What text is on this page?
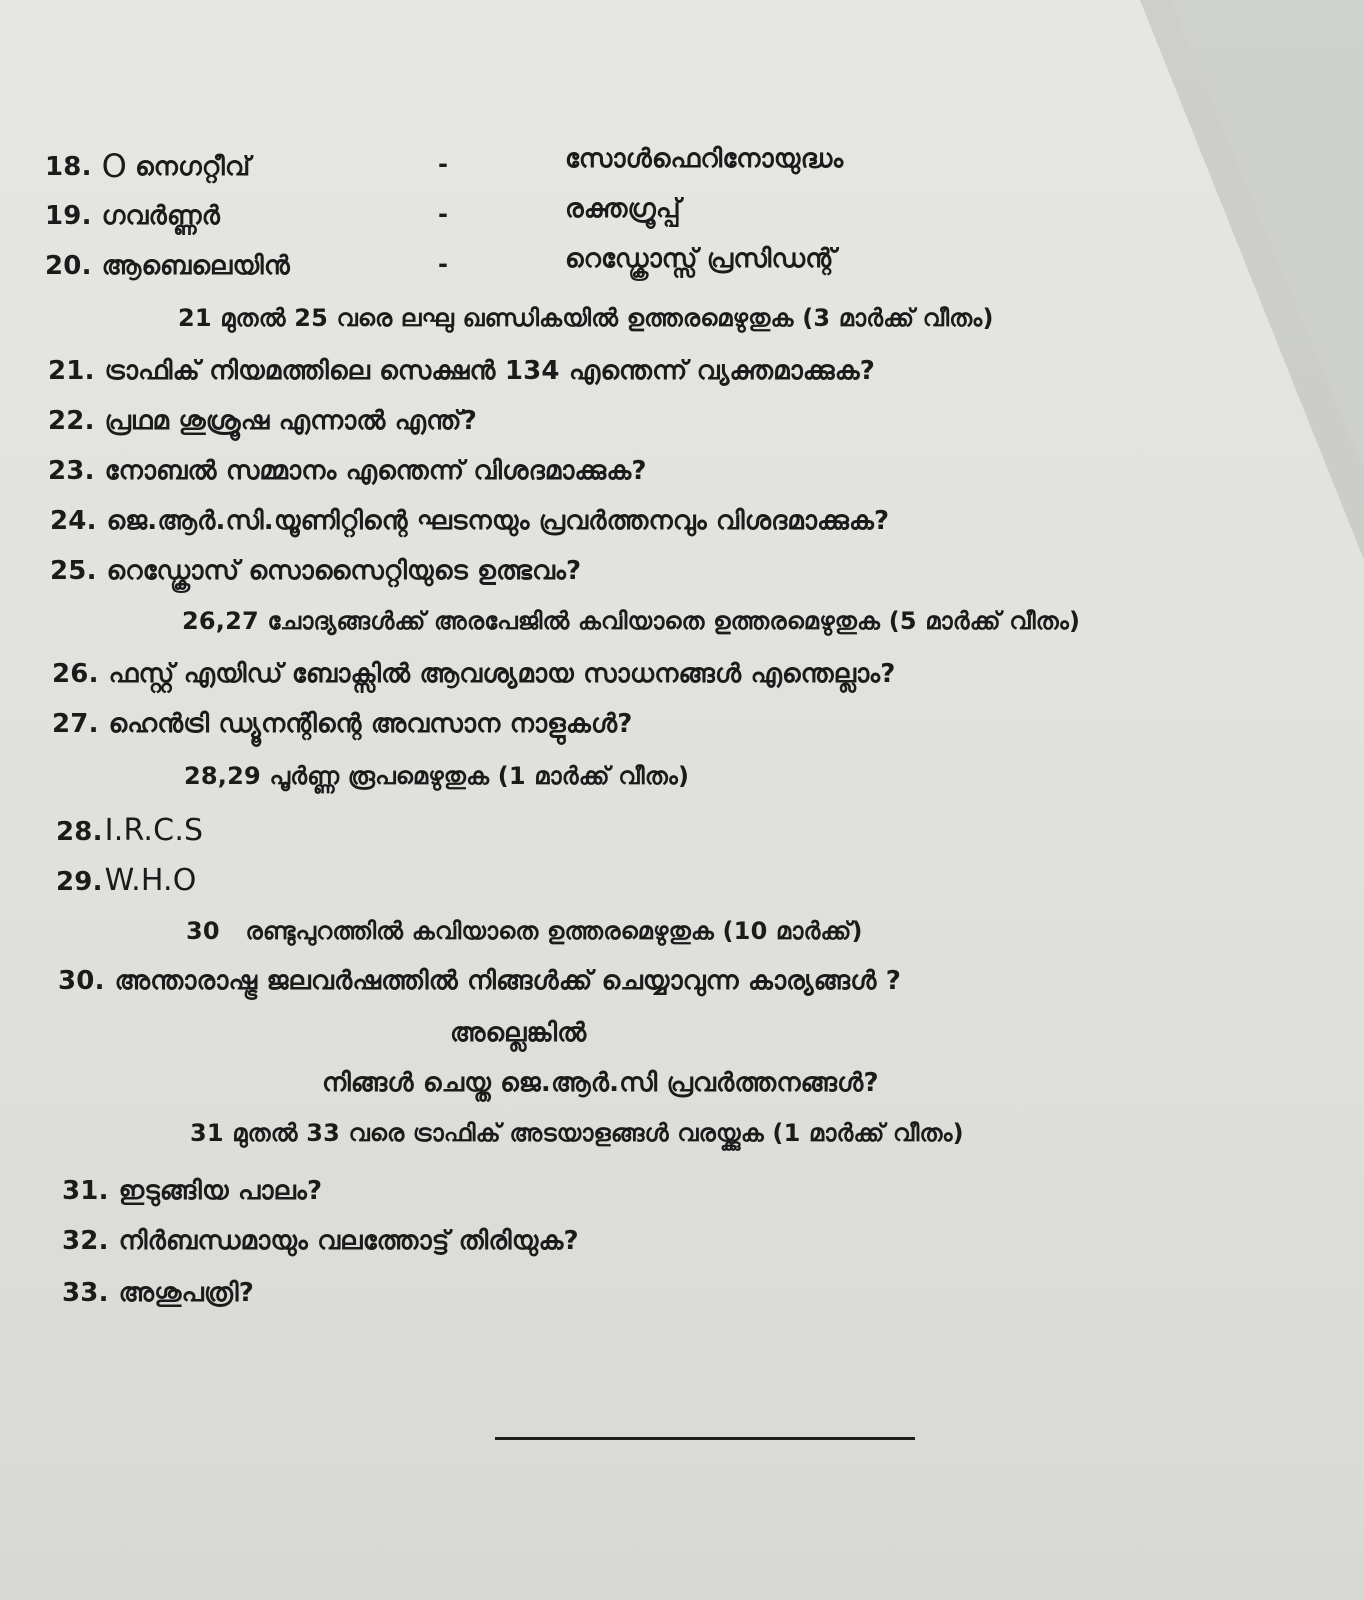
18. O നെഗറ്റീവ്	-	സോൾഫെറിനോയുദ്ധം
19. ഗവർണ്ണർ	-	രക്തഗ്രൂപ്പ്
20. ആബെലെയിൻ	-	റെഡ്ക്രോസ്സ് പ്രസിഡന്റ്
21 മുതൽ 25 വരെ ലഘു ഖണ്ഡികയിൽ ഉത്തരമെഴുതുക (3 മാർക്ക് വീതം)
21. ട്രാഫിക് നിയമത്തിലെ സെക്ഷൻ 134 എന്തെന്ന് വ്യക്തമാക്കുക?
22. പ്രഥമ ശുശ്രൂഷ എന്നാൽ എന്ത്?
23. നോബൽ സമ്മാനം എന്തെന്ന് വിശദമാക്കുക?
24. ജെ.ആർ.സി.യൂണിറ്റിന്റെ ഘടനയും പ്രവർത്തനവും വിശദമാക്കുക?
25. റെഡ്ക്രോസ് സൊസൈറ്റിയുടെ ഉത്ഭവം?
26,27 ചോദ്യങ്ങൾക്ക് അരപേജിൽ കവിയാതെ ഉത്തരമെഴുതുക (5 മാർക്ക് വീതം)
26. ഫസ്റ്റ് എയിഡ് ബോക്സിൽ ആവശ്യമായ സാധനങ്ങൾ എന്തെല്ലാം?
27. ഹെൻട്രി ഡ്യൂനന്റിന്റെ അവസാന നാളുകൾ?
28,29 പൂർണ്ണ രൂപമെഴുതുക (1 മാർക്ക് വീതം)
28.I.R.C.S
29.W.H.O
30   രണ്ടുപുറത്തിൽ കവിയാതെ ഉത്തരമെഴുതുക (10 മാർക്ക്)
30. അന്താരാഷ്ട്ര ജലവർഷത്തിൽ നിങ്ങൾക്ക് ചെയ്യാവുന്ന കാര്യങ്ങൾ ?
അല്ലെങ്കിൽ
നിങ്ങൾ ചെയ്ത ജെ.ആർ.സി പ്രവർത്തനങ്ങൾ?
31 മുതൽ 33 വരെ ട്രാഫിക് അടയാളങ്ങൾ വരയ്ക്കുക (1 മാർക്ക് വീതം)
31. ഇടുങ്ങിയ പാലം?
32. നിർബന്ധമായും വലത്തോട്ട് തിരിയുക?
33. അശുപത്രി?
